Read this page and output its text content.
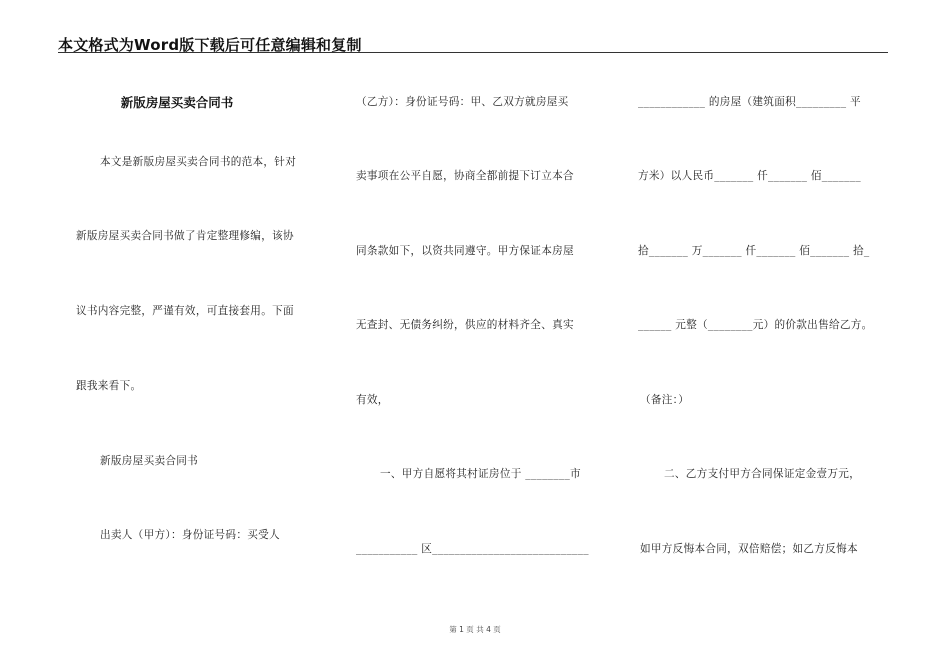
本文格式为Word版下载后可任意编辑和复制
新版房屋买卖合同书
本文是新版房屋买卖合同书的范本，针对
新版房屋买卖合同书做了肯定整理修编，该协
议书内容完整，严谨有效，可直接套用。下面
跟我来看下。
新版房屋买卖合同书
出卖人（甲方）：身份证号码：买受人
（乙方）：身份证号码：甲、乙双方就房屋买
卖事项在公平自愿，协商全都前提下订立本合
同条款如下，以资共同遵守。甲方保证本房屋
无查封、无债务纠纷，供应的材料齐全、真实
有效，
一、甲方自愿将其村证房位于 ________市
___________ 区____________________________
____________ 的房屋（建筑面积_________ 平
方米）以人民币_______ 仟_______ 佰_______
拾_______ 万_______ 仟_______ 佰_______ 拾_
______ 元整（________元）的价款出售给乙方。
（备注：）
二、乙方支付甲方合同保证定金壹万元，
如甲方反悔本合同，双倍赔偿；如乙方反悔本
第 1 页 共 4 页
